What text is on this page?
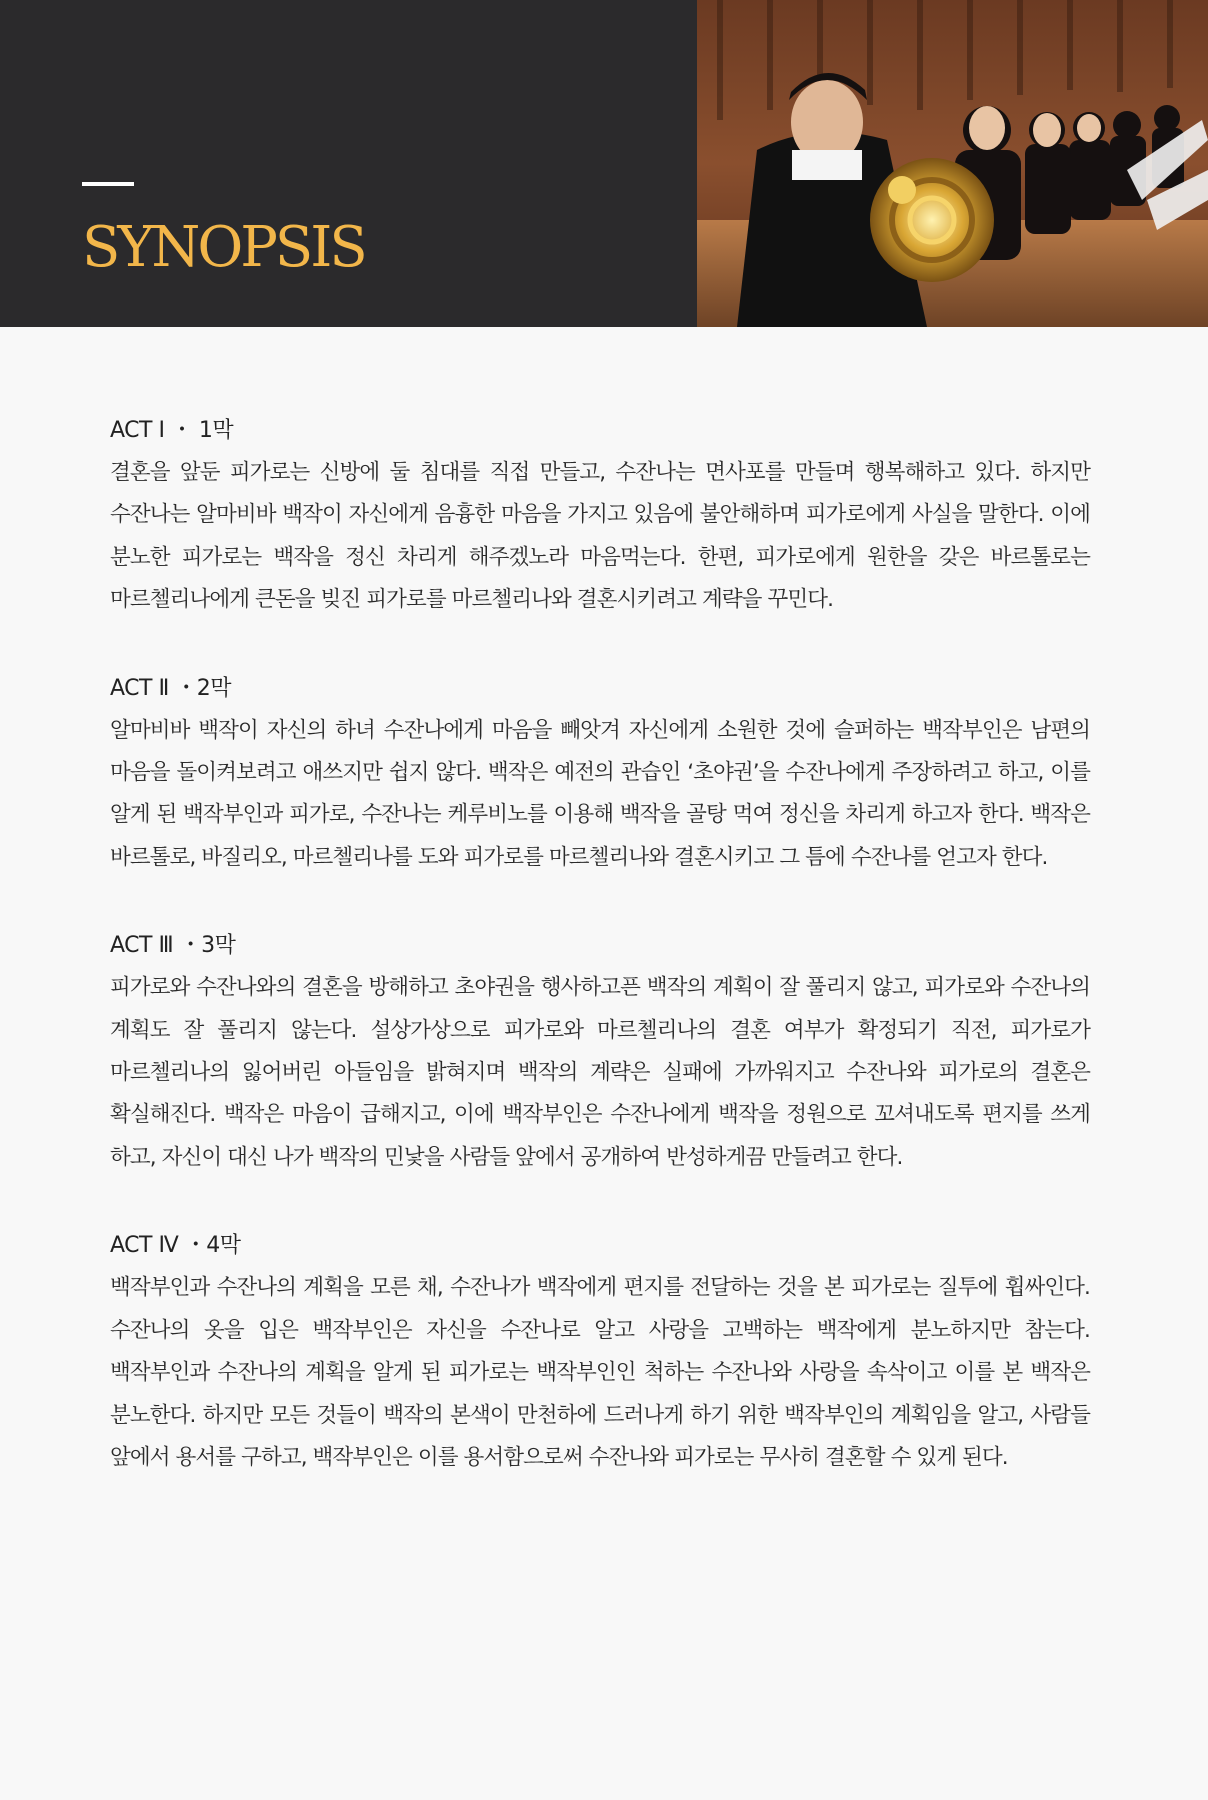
SYNOPSIS

ACT Ⅰ ・ 1막

결혼을 앞둔 피가로는 신방에 둘 침대를 직접 만들고, 수잔나는 면사포를 만들며 행복해하고 있다. 하지만 수잔나는 알마비바 백작이 자신에게 음흉한 마음을 가지고 있음에 불안해하며 피가로에게 사실을 말한다. 이에 분노한 피가로는 백작을 정신 차리게 해주겠노라 마음먹는다. 한편, 피가로에게 원한을 갖은 바르톨로는 마르첼리나에게 큰돈을 빚진 피가로를 마르첼리나와 결혼시키려고 계략을 꾸민다.

ACT Ⅱ ・2막

알마비바 백작이 자신의 하녀 수잔나에게 마음을 빼앗겨 자신에게 소원한 것에 슬퍼하는 백작부인은 남편의 마음을 돌이켜보려고 애쓰지만 쉽지 않다. 백작은 예전의 관습인 ‘초야권’을 수잔나에게 주장하려고 하고, 이를 알게 된 백작부인과 피가로, 수잔나는 케루비노를 이용해 백작을 골탕 먹여 정신을 차리게 하고자 한다. 백작은 바르톨로, 바질리오, 마르첼리나를 도와 피가로를 마르첼리나와 결혼시키고 그 틈에 수잔나를 얻고자 한다.

ACT Ⅲ ・3막

피가로와 수잔나와의 결혼을 방해하고 초야권을 행사하고픈 백작의 계획이 잘 풀리지 않고, 피가로와 수잔나의 계획도 잘 풀리지 않는다. 설상가상으로 피가로와 마르첼리나의 결혼 여부가 확정되기 직전, 피가로가 마르첼리나의 잃어버린 아들임을 밝혀지며 백작의 계략은 실패에 가까워지고 수잔나와 피가로의 결혼은 확실해진다. 백작은 마음이 급해지고, 이에 백작부인은 수잔나에게 백작을 정원으로 꼬셔내도록 편지를 쓰게 하고, 자신이 대신 나가 백작의 민낯을 사람들 앞에서 공개하여 반성하게끔 만들려고 한다.

ACT Ⅳ ・4막

백작부인과 수잔나의 계획을 모른 채, 수잔나가 백작에게 편지를 전달하는 것을 본 피가로는 질투에 휩싸인다. 수잔나의 옷을 입은 백작부인은 자신을 수잔나로 알고 사랑을 고백하는 백작에게 분노하지만 참는다. 백작부인과 수잔나의 계획을 알게 된 피가로는 백작부인인 척하는 수잔나와 사랑을 속삭이고 이를 본 백작은 분노한다. 하지만 모든 것들이 백작의 본색이 만천하에 드러나게 하기 위한 백작부인의 계획임을 알고, 사람들 앞에서 용서를 구하고, 백작부인은 이를 용서함으로써 수잔나와 피가로는 무사히 결혼할 수 있게 된다.
